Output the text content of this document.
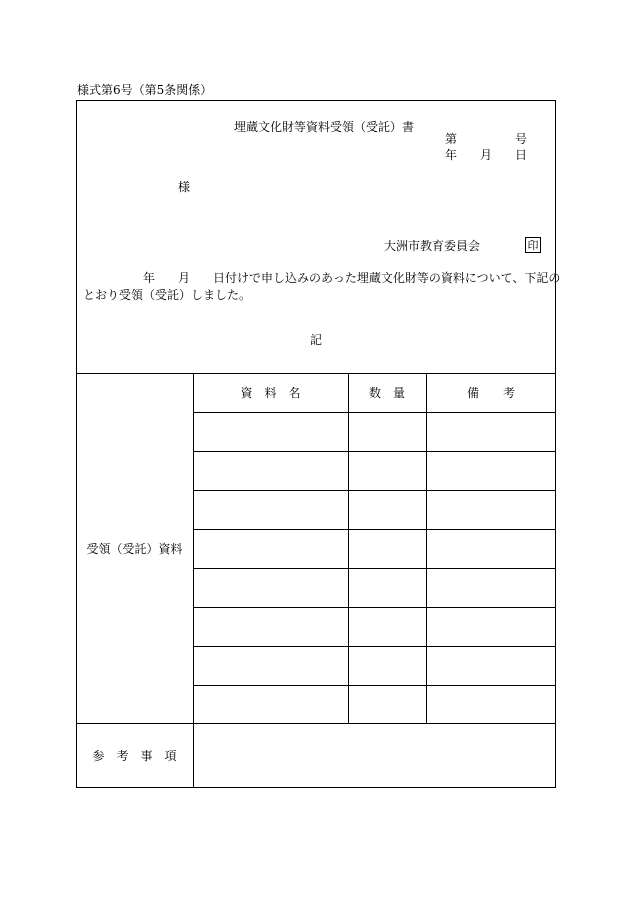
様式第6号（第5条関係）
埋蔵文化財等資料受領（受託）書
第	号
年 月 日
様
大洲市教育委員会	印
年 月 日付けで申し込みのあった埋蔵文化財等の資料について、下記の
とおり受領（受託）しました。
記
資　料　名	数　量	備　　考
受領（受託）資料
参　考　事　項
